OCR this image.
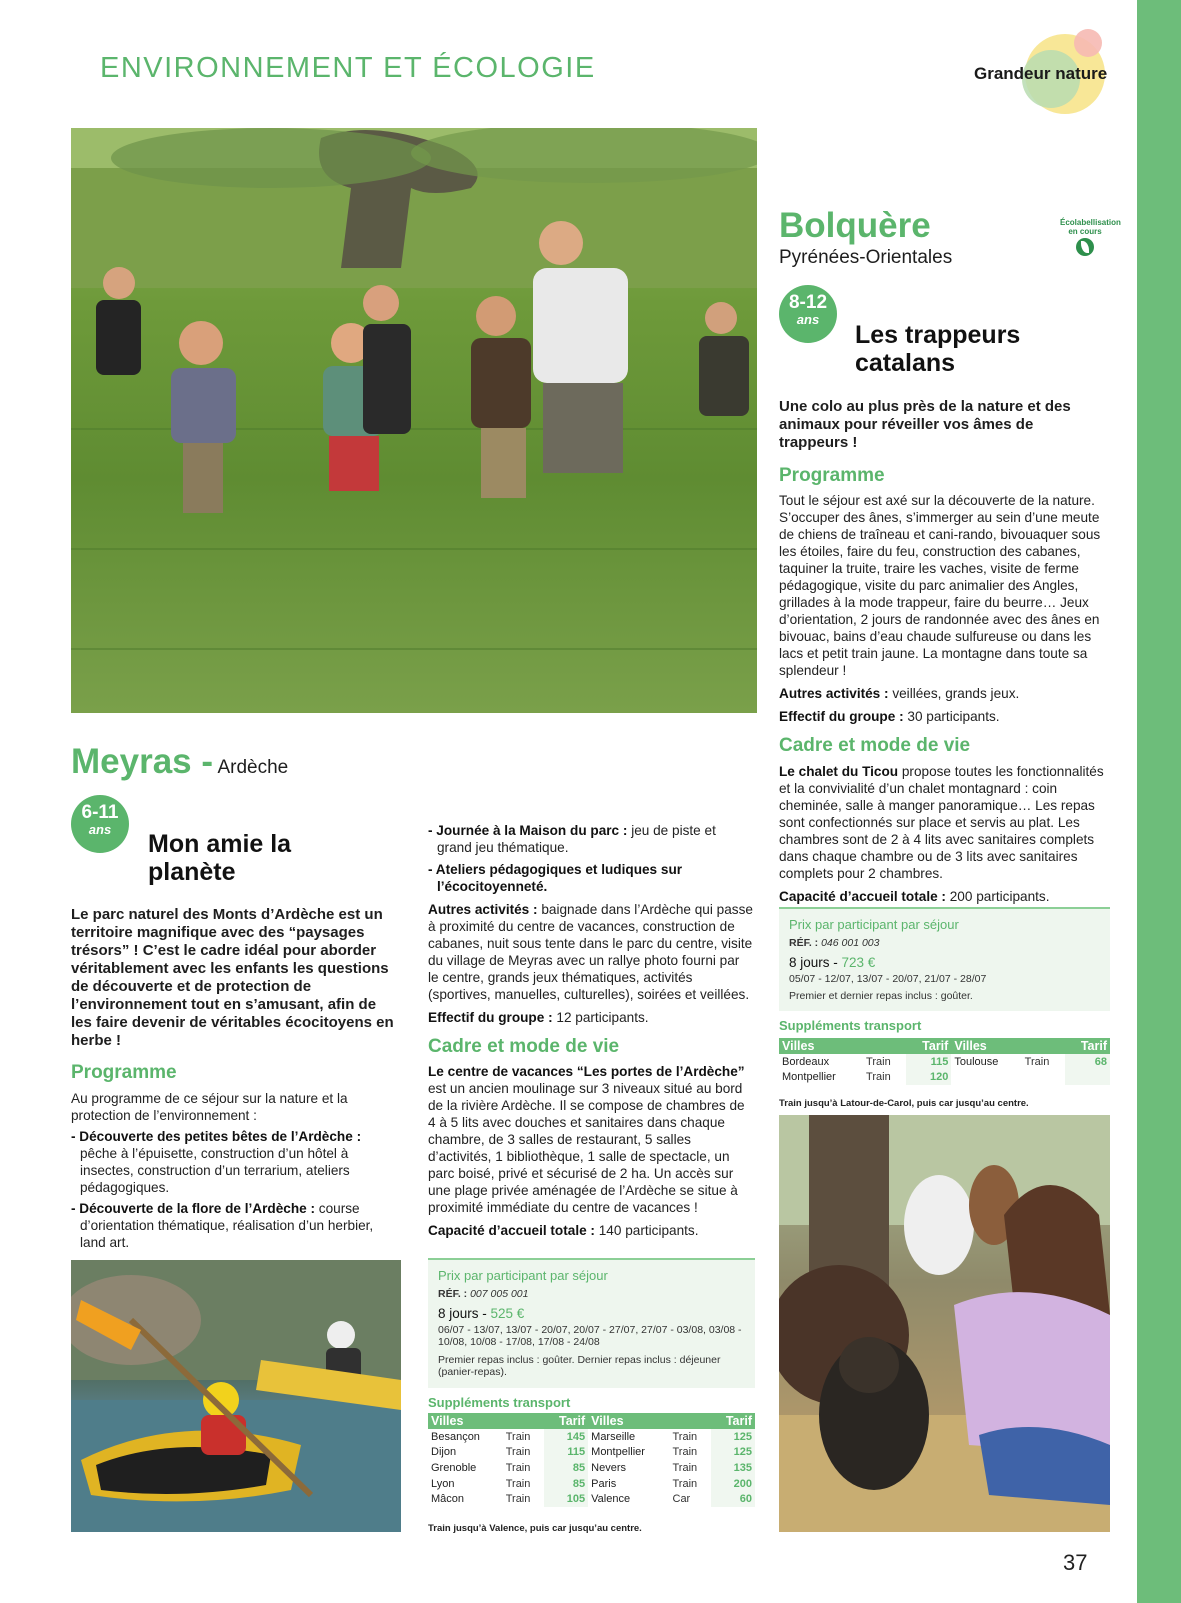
ENVIRONNEMENT ET ÉCOLOGIE	Grandeur nature
Meyras - Ardèche
6-11
ans
Mon amie la
planète
Le parc naturel des Monts d’Ardèche est un territoire magnifique avec des “paysages trésors” ! C’est le cadre idéal pour aborder véritablement avec les enfants les questions de découverte et de protection de l’environnement tout en s’amusant, afin de les faire devenir de véritables écocitoyens en herbe !
Programme
Au programme de ce séjour sur la nature et la protection de l’environnement :
- Découverte des petites bêtes de l’Ardèche : pêche à l’épuisette, construction d’un hôtel à insectes, construction d’un terrarium, ateliers pédagogiques.
- Découverte de la flore de l’Ardèche : course d’orientation thématique, réalisation d’un herbier, land art.
- Journée à la Maison du parc : jeu de piste et grand jeu thématique.
- Ateliers pédagogiques et ludiques sur l’écocitoyenneté.
Autres activités : baignade dans l’Ardèche qui passe à proximité du centre de vacances, construction de cabanes, nuit sous tente dans le parc du centre, visite du village de Meyras avec un rallye photo fourni par le centre, grands jeux thématiques, activités (sportives, manuelles, culturelles), soirées et veillées.
Effectif du groupe : 12 participants.
Cadre et mode de vie
Le centre de vacances “Les portes de l’Ardèche” est un ancien moulinage sur 3 niveaux situé au bord de la rivière Ardèche. Il se compose de chambres de 4 à 5 lits avec douches et sanitaires dans chaque chambre, de 3 salles de restaurant, 5 salles d’activités, 1 bibliothèque, 1 salle de spectacle, un parc boisé, privé et sécurisé de 2 ha. Un accès sur une plage privée aménagée de l’Ardèche se situe à proximité immédiate du centre de vacances !
Capacité d’accueil totale : 140 participants.
Prix par participant par séjour
RÉF. : 007 005 001
8 jours - 525 €
06/07 - 13/07, 13/07 - 20/07, 20/07 - 27/07, 27/07 - 03/08, 03/08 - 10/08, 10/08 - 17/08, 17/08 - 24/08
Premier repas inclus : goûter. Dernier repas inclus : déjeuner (panier-repas).
Suppléments transport
Villes		Tarif	Villes		Tarif
Besançon	Train	145	Marseille	Train	125
Dijon	Train	115	Montpellier	Train	125
Grenoble	Train	85	Nevers	Train	135
Lyon	Train	85	Paris	Train	200
Mâcon	Train	105	Valence	Car	60
Train jusqu’à Valence, puis car jusqu’au centre.
Bolquère
Pyrénées-Orientales
Écolabellisation
en cours
8-12
ans
Les trappeurs
catalans
Une colo au plus près de la nature et des animaux pour réveiller vos âmes de trappeurs !
Programme
Tout le séjour est axé sur la découverte de la nature. S’occuper des ânes, s’immerger au sein d’une meute de chiens de traîneau et cani-rando, bivouaquer sous les étoiles, faire du feu, construction des cabanes, taquiner la truite, traire les vaches, visite de ferme pédagogique, visite du parc animalier des Angles, grillades à la mode trappeur, faire du beurre… Jeux d’orientation, 2 jours de randonnée avec des ânes en bivouac, bains d’eau chaude sulfureuse ou dans les lacs et petit train jaune. La montagne dans toute sa splendeur !
Autres activités : veillées, grands jeux.
Effectif du groupe : 30 participants.
Cadre et mode de vie
Le chalet du Ticou propose toutes les fonctionnalités et la convivialité d’un chalet montagnard : coin cheminée, salle à manger panoramique… Les repas sont confectionnés sur place et servis au plat. Les chambres sont de 2 à 4 lits avec sanitaires complets dans chaque chambre ou de 3 lits avec sanitaires complets pour 2 chambres.
Capacité d’accueil totale : 200 participants.
Prix par participant par séjour
RÉF. : 046 001 003
8 jours - 723 €
05/07 - 12/07, 13/07 - 20/07, 21/07 - 28/07
Premier et dernier repas inclus : goûter.
Suppléments transport
Villes		Tarif	Villes		Tarif
Bordeaux	Train	115	Toulouse	Train	68
Montpellier	Train	120			
Train jusqu’à Latour-de-Carol, puis car jusqu’au centre.
37
